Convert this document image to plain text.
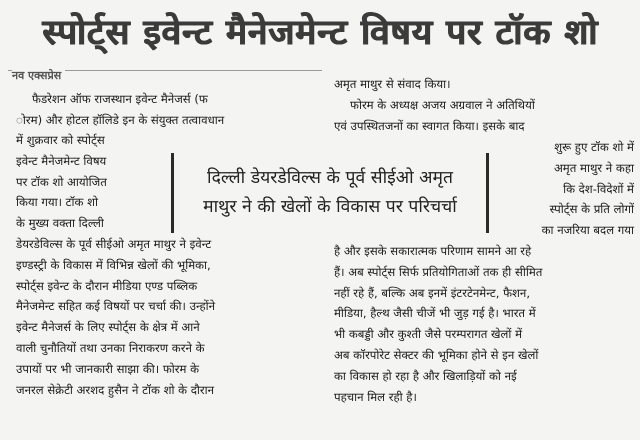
स्पोर्ट्स इवेन्ट मैनेजमेन्ट विषय पर टॉक शो
नव एक्सप्रेस
फैडरेशन ऑफ राजस्थान इवेन्ट मैनेजर्स (फ
ोरम) और होटल हॉलिडे इन के संयुक्त तत्वावधान
में शुक्रवार को स्पोर्ट्स
इवेन्ट मैनेजमेन्ट विषय
पर टॉक शो आयोजित
किया गया। टॉक शो
के मुख्य वक्ता दिल्ली
डेयरडेविल्स के पूर्व सीईओ अमृत माथुर ने इवेन्ट
इण्डस्ट्री के विकास में विभिन्न खेलों की भूमिका,
स्पोर्ट्स इवेन्ट के दौरान मीडिया एण्ड पब्लिक
मैनेजमेन्ट सहित कई विषयों पर चर्चा की। उन्होंने
इवेन्ट मैनेजर्स के लिए स्पोर्ट्स के क्षेत्र में आने
वाली चुनौतियों तथा उनका निराकरण करने के
उपायों पर भी जानकारी साझा की। फोरम के
जनरल सेक्रेटी अरशद हुसैन ने टॉक शो के दौरान
अमृत माथुर से संवाद किया।
फोरम के अध्यक्ष अजय अग्रवाल ने अतिथियों
एवं उपस्थितजनों का स्वागत किया। इसके बाद
शुरू हुए टॉक शो में
अमृत माथुर ने कहा
कि देश-विदेशों में
स्पोर्ट्स के प्रति लोगों
का नजरिया बदल गया
है और इसके सकारात्मक परिणाम सामने आ रहे
हैं। अब स्पोर्ट्स सिर्फ प्रतियोगिताओं तक ही सीमित
नहीं रहे हैं, बल्कि अब इनमें इंटरटेनमेन्ट, फैशन,
मीडिया, हैल्थ जैसी चीजें भी जुड़ गई है। भारत में
भी कबड्डी और कुश्ती जैसे परम्परागत खेलों में
अब कॉरपोरेट सेक्टर की भूमिका होने से इन खेलों
का विकास हो रहा है और खिलाड़ियों को नई
पहचान मिल रही है।
दिल्ली डेयरडेविल्स के पूर्व सीईओ अमृत
माथुर ने की खेलों के विकास पर परिचर्चा
